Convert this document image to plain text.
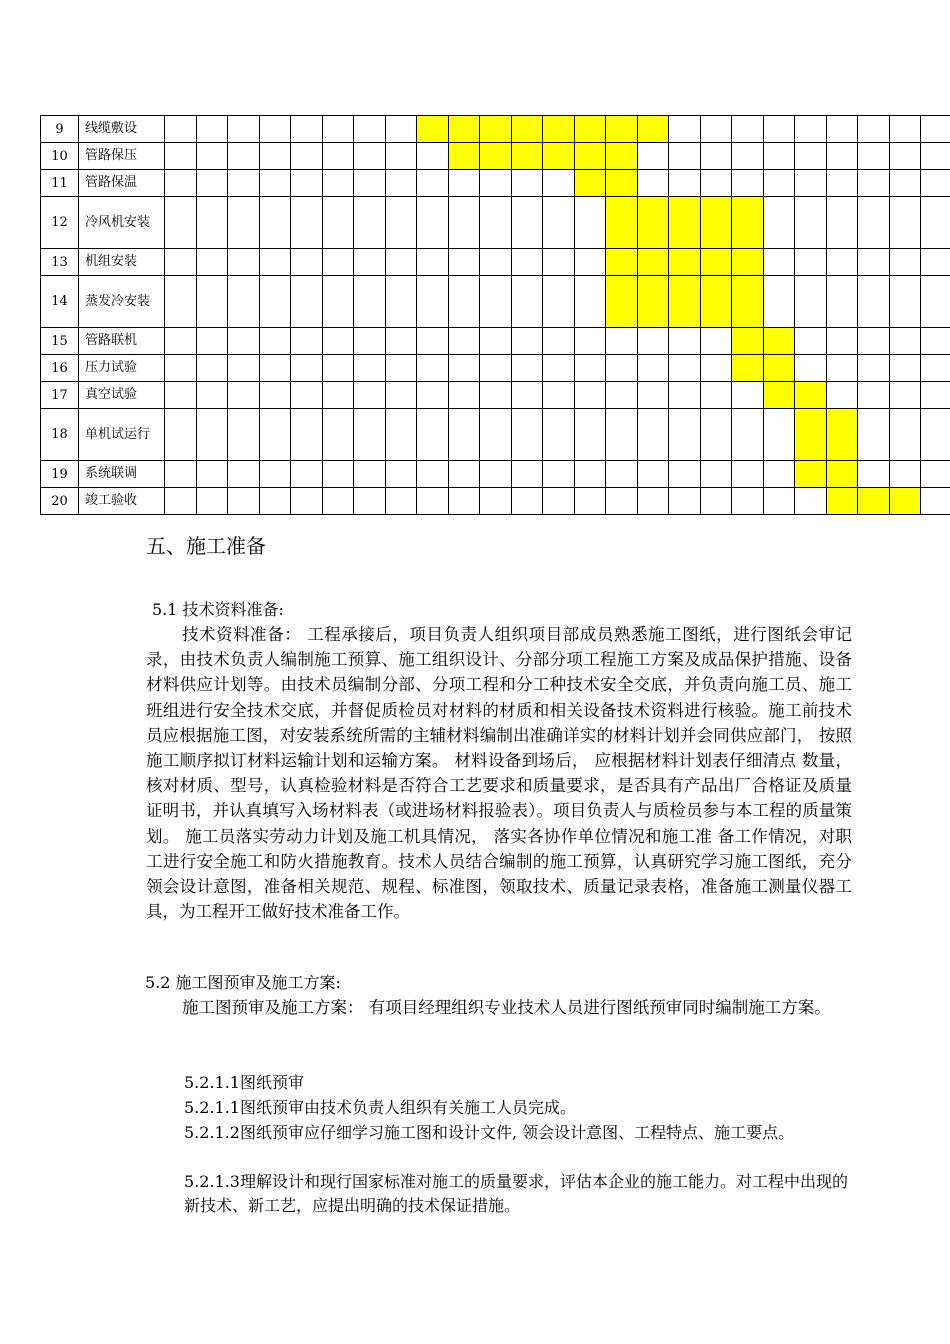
9	线缆敷设																									
10	管路保压																									
11	管路保温																									
12	冷风机安装																									
13	机组安装																									
14	蒸发冷安装																									
15	管路联机																									
16	压力试验																									
17	真空试验																									
18	单机试运行																									
19	系统联调																									
20	竣工验收																									
五、施工准备
5.1 技术资料准备:

技术资料准备： 工程承接后，项目负责人组织项目部成员熟悉施工图纸，进行图纸会审记录，由技术负责人编制施工预算、施工组织设计、分部分项工程施工方案及成品保护措施、设备材料供应计划等。由技术员编制分部、分项工程和分工种技术安全交底，并负责向施工员、施工班组进行安全技术交底，并督促质检员对材料的材质和相关设备技术资料进行核验。施工前技术员应根据施工图，对安装系统所需的主辅材料编制出准确详实的材料计划并会同供应部门， 按照施工顺序拟订材料运输计划和运输方案。 材料设备到场后， 应根据材料计划表仔细清点 数量，核对材质、型号，认真检验材料是否符合工艺要求和质量要求，是否具有产品出厂合格证及质量证明书，并认真填写入场材料表（或进场材料报验表）。项目负责人与质检员参与本工程的质量策划。 施工员落实劳动力计划及施工机具情况， 落实各协作单位情况和施工准 备工作情况，对职工进行安全施工和防火措施教育。技术人员结合编制的施工预算，认真研究学习施工图纸，充分领会设计意图，准备相关规范、规程、标准图，领取技术、质量记录表格，准备施工测量仪器工具，为工程开工做好技术准备工作。

5.2 施工图预审及施工方案:

施工图预审及施工方案： 有项目经理组织专业技术人员进行图纸预审同时编制施工方案。

5.2.1.1图纸预审

5.2.1.1图纸预审由技术负责人组织有关施工人员完成。

5.2.1.2图纸预审应仔细学习施工图和设计文件, 领会设计意图、工程特点、施工要点。

5.2.1.3理解设计和现行国家标准对施工的质量要求，评估本企业的施工能力。对工程中出现的新技术、新工艺，应提出明确的技术保证措施。
